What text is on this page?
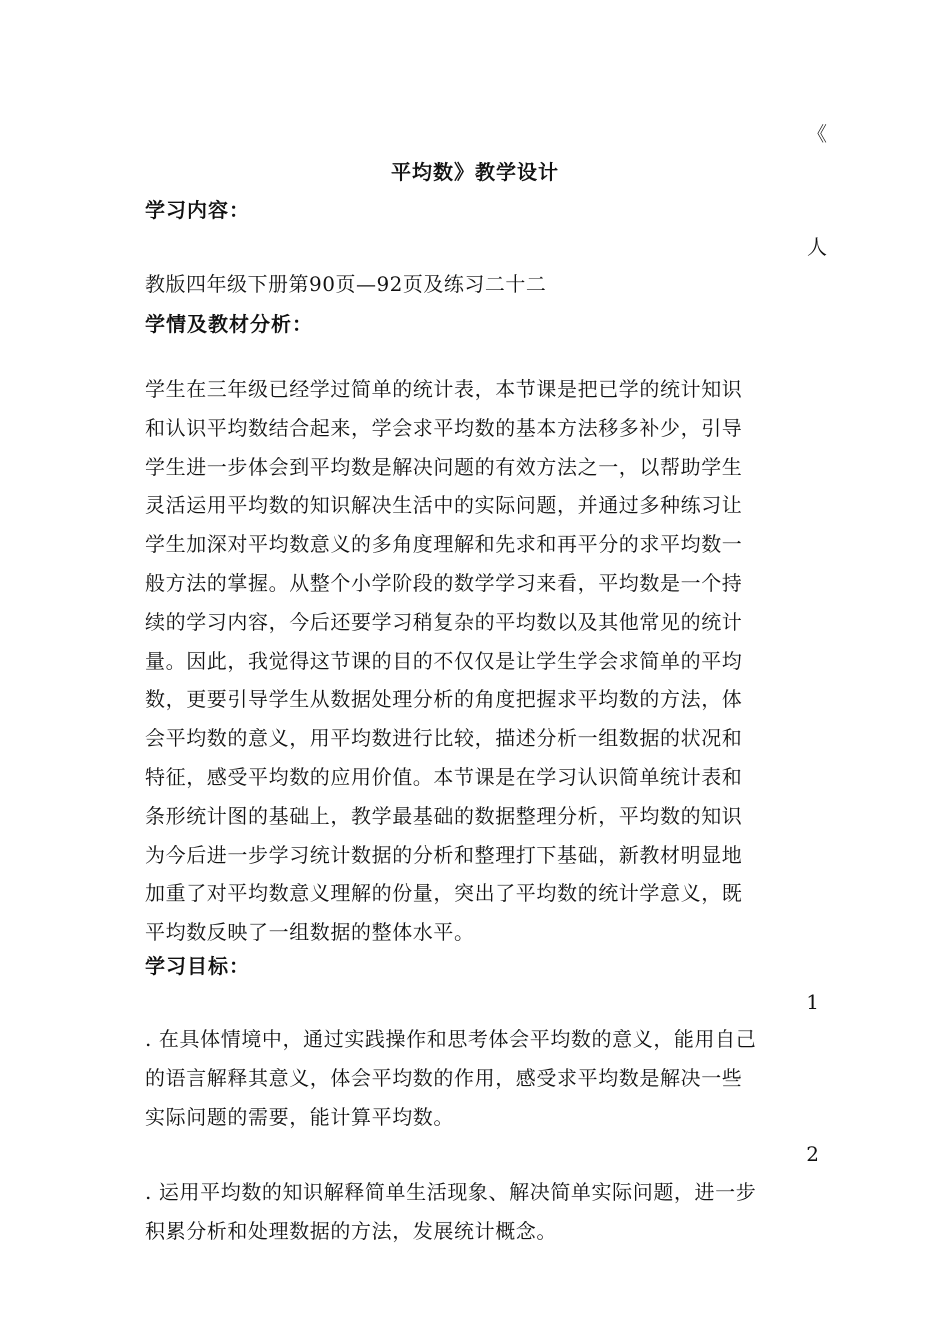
《
平均数》教学设计
学习内容：
人
教版四年级下册第90页—92页及练习二十二
学情及教材分析：
学生在三年级已经学过简单的统计表，本节课是把已学的统计知识
和认识平均数结合起来，学会求平均数的基本方法移多补少，引导
学生进一步体会到平均数是解决问题的有效方法之一，以帮助学生
灵活运用平均数的知识解决生活中的实际问题，并通过多种练习让
学生加深对平均数意义的多角度理解和先求和再平分的求平均数一
般方法的掌握。从整个小学阶段的数学学习来看，平均数是一个持
续的学习内容，今后还要学习稍复杂的平均数以及其他常见的统计
量。因此，我觉得这节课的目的不仅仅是让学生学会求简单的平均
数，更要引导学生从数据处理分析的角度把握求平均数的方法，体
会平均数的意义，用平均数进行比较，描述分析一组数据的状况和
特征，感受平均数的应用价值。本节课是在学习认识简单统计表和
条形统计图的基础上，教学最基础的数据整理分析，平均数的知识
为今后进一步学习统计数据的分析和整理打下基础，新教材明显地
加重了对平均数意义理解的份量，突出了平均数的统计学意义，既
平均数反映了一组数据的整体水平。
学习目标：
1
. 在具体情境中，通过实践操作和思考体会平均数的意义，能用自己
的语言解释其意义，体会平均数的作用，感受求平均数是解决一些
实际问题的需要，能计算平均数。
2
. 运用平均数的知识解释简单生活现象、解决简单实际问题，进一步
积累分析和处理数据的方法，发展统计概念。
